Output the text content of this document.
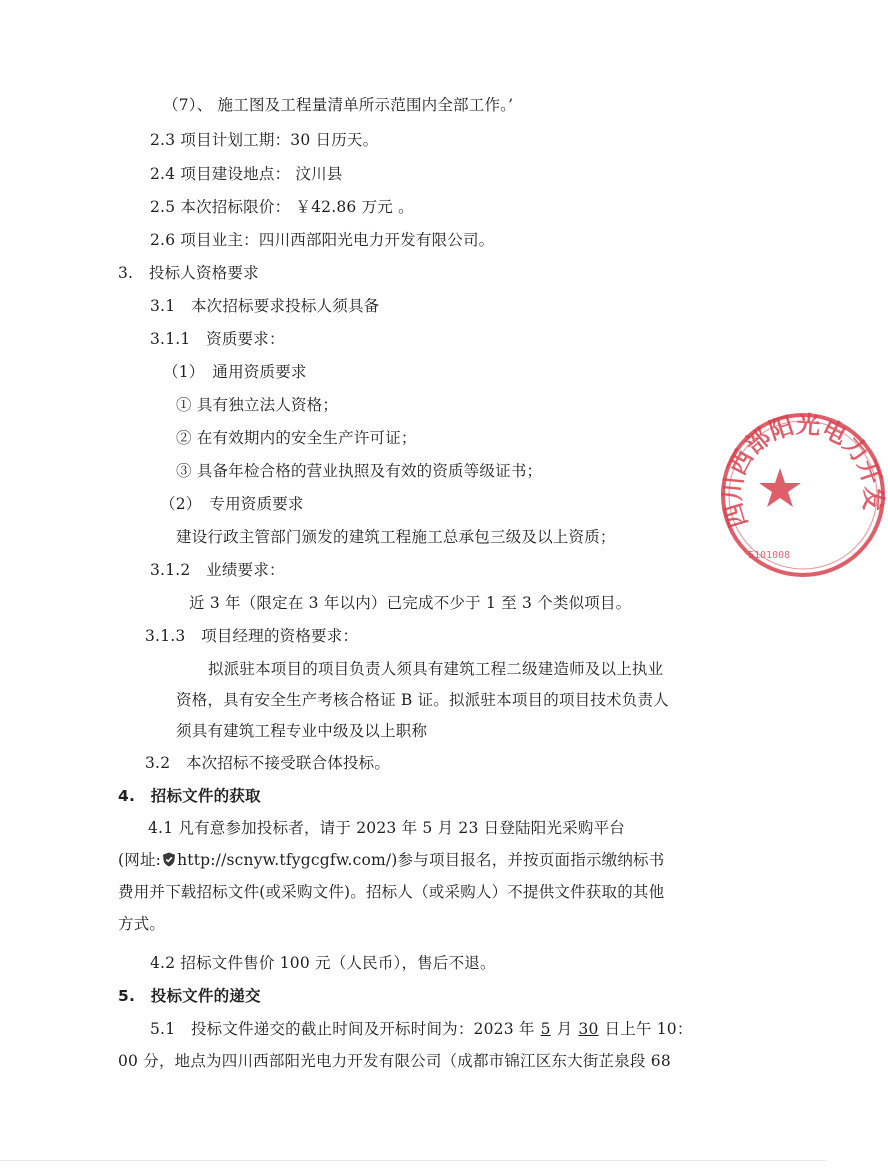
（7）、 施工图及工程量清单所示范围内全部工作。’
2.3 项目计划工期：30 日历天。
2.4 项目建设地点： 汶川县
2.5 本次招标限价： ￥42.86 万元 。
2.6 项目业主：四川西部阳光电力开发有限公司。
3.　投标人资格要求
3.1　本次招标要求投标人须具备
3.1.1　资质要求：
（1）　通用资质要求
① 具有独立法人资格；
② 在有效期内的安全生产许可证；
③ 具备年检合格的营业执照及有效的资质等级证书；
（2）　专用资质要求
建设行政主管部门颁发的建筑工程施工总承包三级及以上资质；
3.1.2　业绩要求：
近 3 年（限定在 3 年以内）已完成不少于 1 至 3 个类似项目。
3.1.3　项目经理的资格要求：
拟派驻本项目的项目负责人须具有建筑工程二级建造师及以上执业
资格，具有安全生产考核合格证 B 证。拟派驻本项目的项目技术负责人
须具有建筑工程专业中级及以上职称
3.2　本次招标不接受联合体投标。
4.　招标文件的获取
4.1 凡有意参加投标者，请于 2023 年 5 月 23 日登陆阳光采购平台
(网址: http://scnyw.tfygcgfw.com/)参与项目报名，并按页面指示缴纳标书
费用并下载招标文件(或采购文件)。招标人（或采购人）不提供文件获取的其他
方式。
4.2 招标文件售价 100 元（人民币），售后不退。
5.　投标文件的递交
5.1　投标文件递交的截止时间及开标时间为：2023 年 5 月 30 日上午 10：
00 分，地点为四川西部阳光电力开发有限公司（成都市锦江区东大街芷泉段 68
四川西部阳光电力开发
5101008
